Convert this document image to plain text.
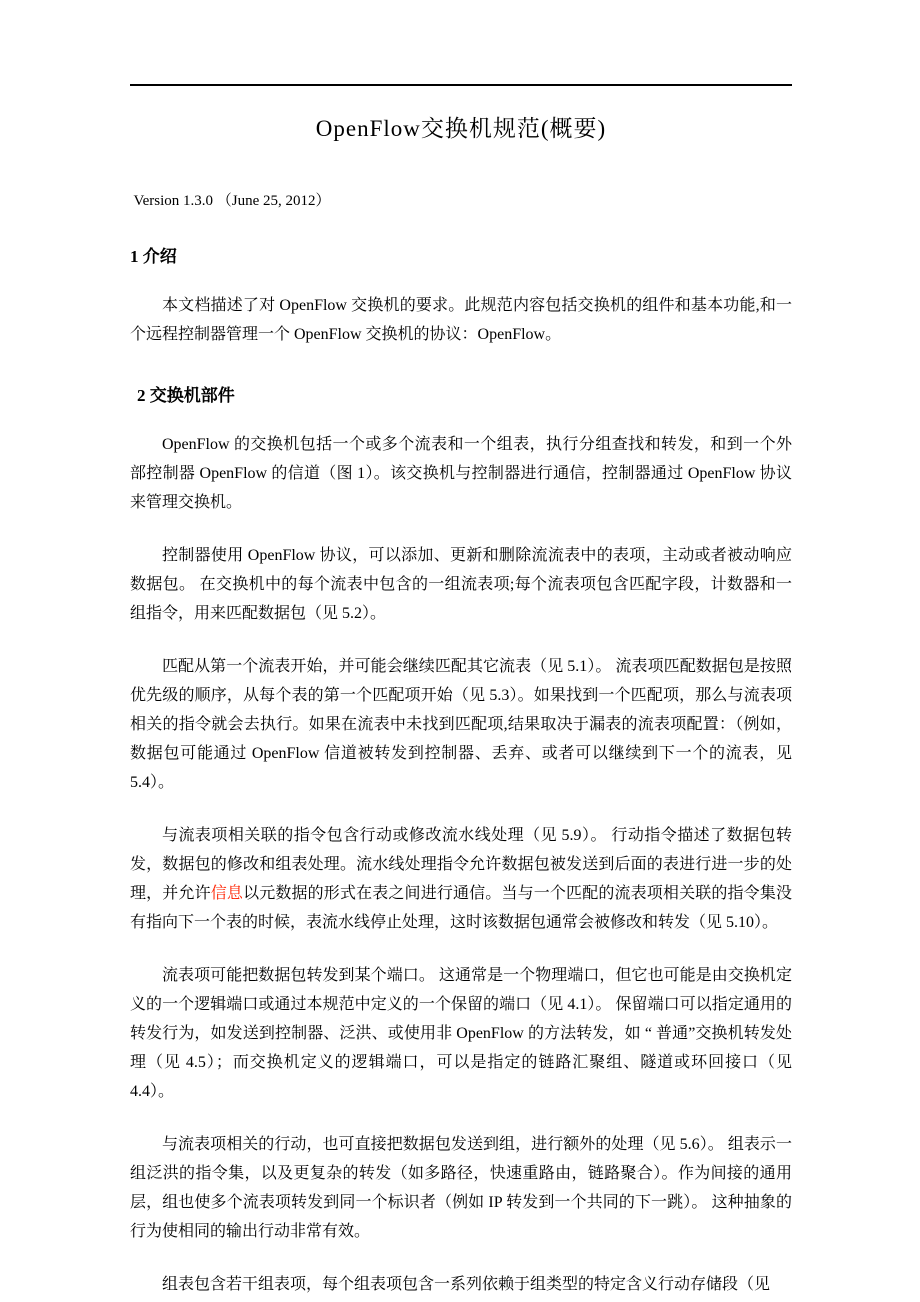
OpenFlow交换机规范(概要)

Version 1.3.0 （June 25, 2012）

1 介绍

本文档描述了对 OpenFlow 交换机的要求。此规范内容包括交换机的组件和基本功能,和一个远程控制器管理一个 OpenFlow 交换机的协议：OpenFlow。

2 交换机部件

OpenFlow 的交换机包括一个或多个流表和一个组表，执行分组查找和转发，和到一个外部控制器 OpenFlow 的信道（图 1）。该交换机与控制器进行通信，控制器通过 OpenFlow 协议来管理交换机。

控制器使用 OpenFlow 协议，可以添加、更新和删除流流表中的表项，主动或者被动响应数据包。 在交换机中的每个流表中包含的一组流表项;每个流表项包含匹配字段，计数器和一组指令，用来匹配数据包（见 5.2）。

匹配从第一个流表开始，并可能会继续匹配其它流表（见 5.1）。 流表项匹配数据包是按照优先级的顺序，从每个表的第一个匹配项开始（见 5.3）。如果找到一个匹配项，那么与流表项相关的指令就会去执行。如果在流表中未找到匹配项,结果取决于漏表的流表项配置：（例如，数据包可能通过 OpenFlow 信道被转发到控制器、丢弃、或者可以继续到下一个的流表，见 5.4）。

与流表项相关联的指令包含行动或修改流水线处理（见 5.9）。 行动指令描述了数据包转发，数据包的修改和组表处理。流水线处理指令允许数据包被发送到后面的表进行进一步的处理，并允许信息以元数据的形式在表之间进行通信。当与一个匹配的流表项相关联的指令集没有指向下一个表的时候，表流水线停止处理，这时该数据包通常会被修改和转发（见 5.10）。

流表项可能把数据包转发到某个端口。 这通常是一个物理端口，但它也可能是由交换机定义的一个逻辑端口或通过本规范中定义的一个保留的端口（见 4.1）。 保留端口可以指定通用的转发行为，如发送到控制器、泛洪、或使用非 OpenFlow 的方法转发，如 “ 普通”交换机转发处理（见 4.5）；而交换机定义的逻辑端口，可以是指定的链路汇聚组、隧道或环回接口（见 4.4）。

与流表项相关的行动，也可直接把数据包发送到组，进行额外的处理（见 5.6）。 组表示一组泛洪的指令集，以及更复杂的转发（如多路径，快速重路由，链路聚合）。作为间接的通用层，组也使多个流表项转发到同一个标识者（例如 IP 转发到一个共同的下一跳）。 这种抽象的行为使相同的输出行动非常有效。

组表包含若干组表项，每个组表项包含一系列依赖于组类型的特定含义行动存储段（见
